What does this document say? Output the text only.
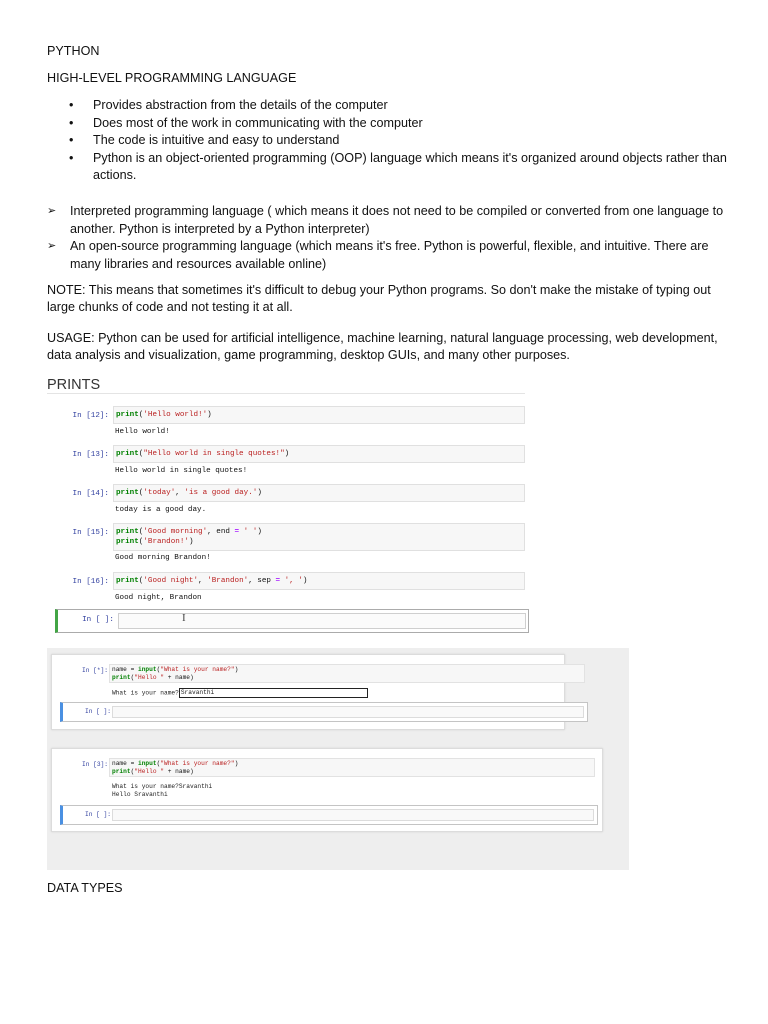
PYTHON
HIGH-LEVEL PROGRAMMING LANGUAGE
• Provides abstraction from the details of the computer
• Does most of the work in communicating with the computer
• The code is intuitive and easy to understand
• Python is an object-oriented programming (OOP) language which means it's organized around objects rather than actions.
➢ Interpreted programming language ( which means it does not need to be compiled or converted from one language to another. Python is interpreted by a Python interpreter)
➢ An open-source programming language (which means it's free. Python is powerful, flexible, and intuitive. There are many libraries and resources available online)
NOTE: This means that sometimes it's difficult to debug your Python programs. So don't make the mistake of typing out large chunks of code and not testing it at all.
USAGE: Python can be used for artificial intelligence, machine learning, natural language processing, web development, data analysis and visualization, game programming, desktop GUIs, and many other purposes.
PRINTS
DATA TYPES
In [12]: print('Hello world!')
Hello world!
In [13]: print("Hello world in single quotes!")
Hello world in single quotes!
In [14]: print('today', 'is a good day.')
today is a good day.
In [15]: print('Good morning', end = ' ')
print('Brandon!')
Good morning Brandon!
In [16]: print('Good night', 'Brandon', sep = ', ')
Good night, Brandon
In [ ]:	I
In [*]: name = input("What is your name?")
print("Hello " + name)
What is your name? Sravanthi
In [ ]:
In [3]: name = input("What is your name?")
print("Hello " + name)
What is your name?Sravanthi
Hello Sravanthi
In [ ]:
